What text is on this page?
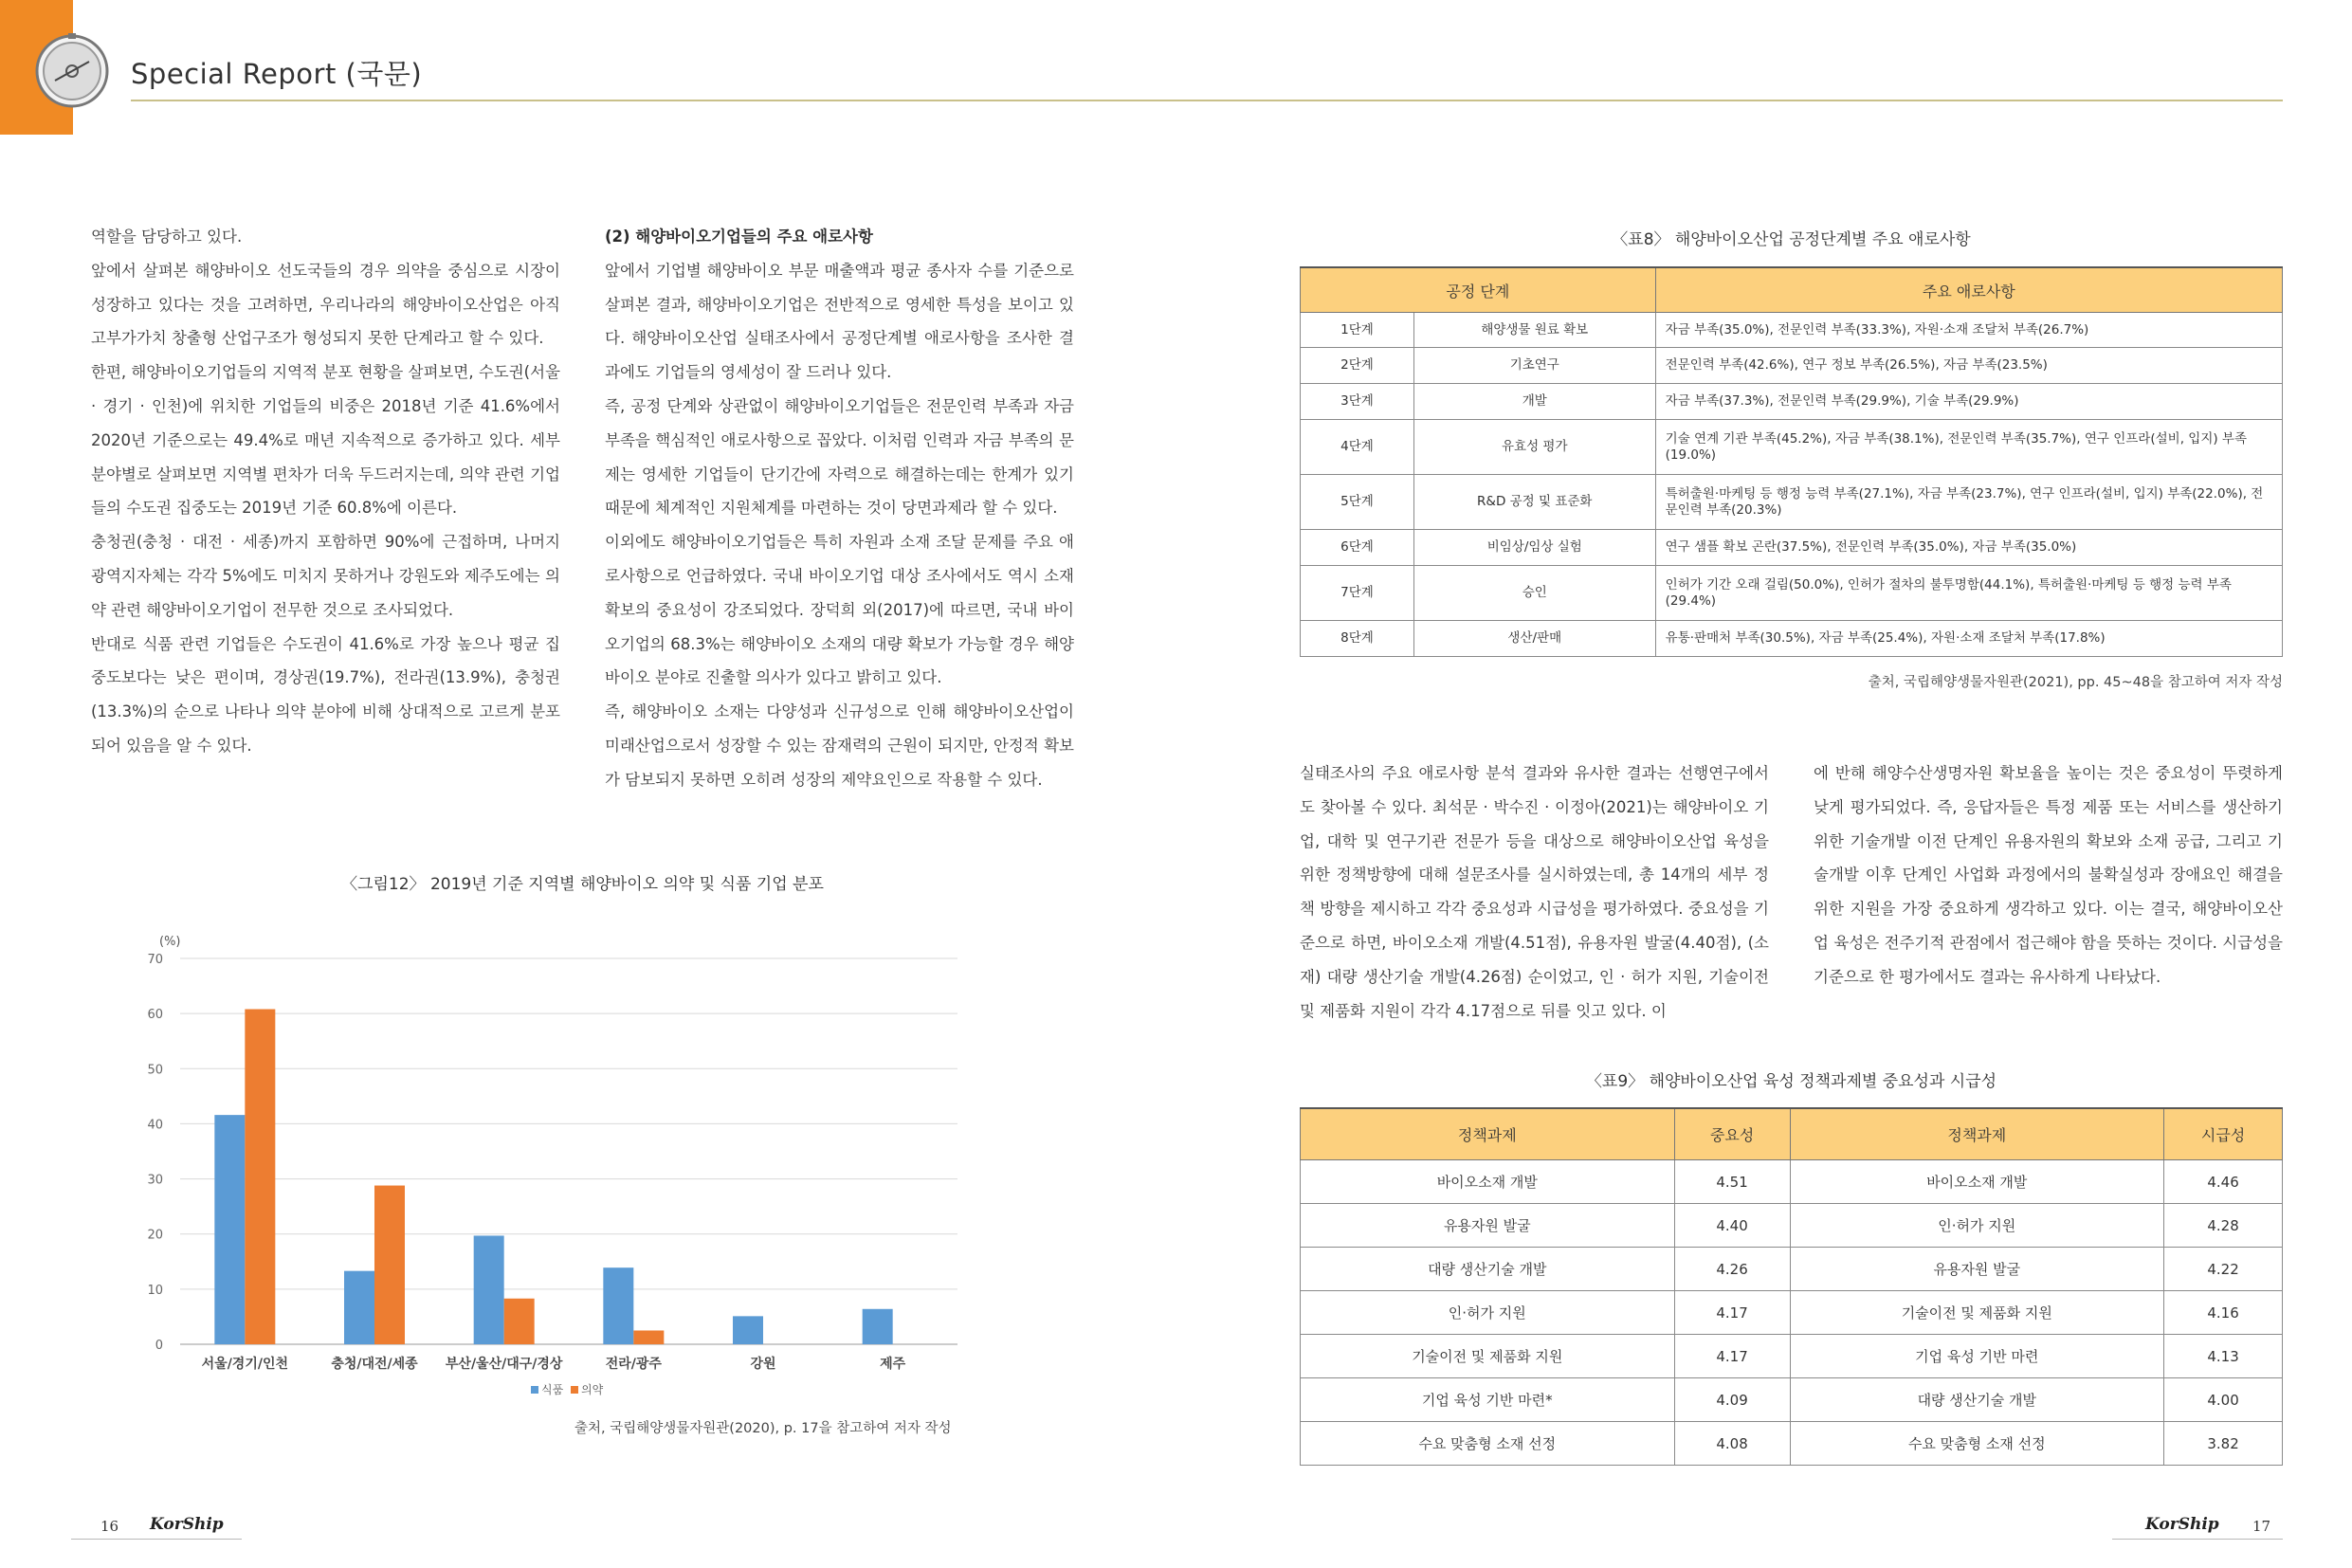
Special Report (국문)

역할을 담당하고 있다.

앞에서 살펴본 해양바이오 선도국들의 경우 의약을 중심으로 시장이 성장하고 있다는 것을 고려하면, 우리나라의 해양바이오산업은 아직 고부가가치 창출형 산업구조가 형성되지 못한 단계라고 할 수 있다.

한편, 해양바이오기업들의 지역적 분포 현황을 살펴보면, 수도권(서울 · 경기 · 인천)에 위치한 기업들의 비중은 2018년 기준 41.6%에서 2020년 기준으로는 49.4%로 매년 지속적으로 증가하고 있다. 세부 분야별로 살펴보면 지역별 편차가 더욱 두드러지는데, 의약 관련 기업들의 수도권 집중도는 2019년 기준 60.8%에 이른다.

충청권(충청 · 대전 · 세종)까지 포함하면 90%에 근접하며, 나머지 광역지자체는 각각 5%에도 미치지 못하거나 강원도와 제주도에는 의약 관련 해양바이오기업이 전무한 것으로 조사되었다.

반대로 식품 관련 기업들은 수도권이 41.6%로 가장 높으나 평균 집중도보다는 낮은 편이며, 경상권(19.7%), 전라권(13.9%), 충청권(13.3%)의 순으로 나타나 의약 분야에 비해 상대적으로 고르게 분포되어 있음을 알 수 있다.

(2) 해양바이오기업들의 주요 애로사항

앞에서 기업별 해양바이오 부문 매출액과 평균 종사자 수를 기준으로 살펴본 결과, 해양바이오기업은 전반적으로 영세한 특성을 보이고 있다. 해양바이오산업 실태조사에서 공정단계별 애로사항을 조사한 결과에도 기업들의 영세성이 잘 드러나 있다.

즉, 공정 단계와 상관없이 해양바이오기업들은 전문인력 부족과 자금 부족을 핵심적인 애로사항으로 꼽았다. 이처럼 인력과 자금 부족의 문제는 영세한 기업들이 단기간에 자력으로 해결하는데는 한계가 있기 때문에 체계적인 지원체계를 마련하는 것이 당면과제라 할 수 있다.

이외에도 해양바이오기업들은 특히 자원과 소재 조달 문제를 주요 애로사항으로 언급하였다. 국내 바이오기업 대상 조사에서도 역시 소재 확보의 중요성이 강조되었다. 장덕희 외(2017)에 따르면, 국내 바이오기업의 68.3%는 해양바이오 소재의 대량 확보가 가능할 경우 해양바이오 분야로 진출할 의사가 있다고 밝히고 있다.

즉, 해양바이오 소재는 다양성과 신규성으로 인해 해양바이오산업이 미래산업으로서 성장할 수 있는 잠재력의 근원이 되지만, 안정적 확보가 담보되지 못하면 오히려 성장의 제약요인으로 작용할 수 있다.

〈그림12〉 2019년 기준 지역별 해양바이오 의약 및 식품 기업 분포
(%)
0
10
20
30
40
50
60
70
서울/경기/인천	충청/대전/세종 부산/울산/대구/경상	전라/광주	강원	제주
식품 의약
출처, 국립해양생물자원관(2020), p. 17을 참고하여 저자 작성
〈표8〉 해양바이오산업 공정단계별 주요 애로사항
공정 단계		주요 애로사항
1단계	해양생물 원료 확보	자금 부족(35.0%), 전문인력 부족(33.3%), 자원·소재 조달처 부족(26.7%)
2단계	기초연구	전문인력 부족(42.6%), 연구 정보 부족(26.5%), 자금 부족(23.5%)
3단계	개발	자금 부족(37.3%), 전문인력 부족(29.9%), 기술 부족(29.9%)
4단계	유효성 평가	기술 연계 기관 부족(45.2%), 자금 부족(38.1%), 전문인력 부족(35.7%), 연구 인프라(설비, 입지) 부족(19.0%)
5단계	R&D 공정 및 표준화	특허출원·마케팅 등 행정 능력 부족(27.1%), 자금 부족(23.7%), 연구 인프라(설비, 입지) 부족(22.0%), 전문인력 부족(20.3%)
6단계	비임상/임상 실험	연구 샘플 확보 곤란(37.5%), 전문인력 부족(35.0%), 자금 부족(35.0%)
7단계	승인	인허가 기간 오래 걸림(50.0%), 인허가 절차의 불투명함(44.1%), 특허출원·마케팅 등 행정 능력 부족(29.4%)
8단계	생산/판매	유통·판매처 부족(30.5%), 자금 부족(25.4%), 자원·소재 조달처 부족(17.8%)
출처, 국립해양생물자원관(2021), pp. 45~48을 참고하여 저자 작성

실태조사의 주요 애로사항 분석 결과와 유사한 결과는 선행연구에서도 찾아볼 수 있다. 최석문 · 박수진 · 이정아(2021)는 해양바이오 기업, 대학 및 연구기관 전문가 등을 대상으로 해양바이오산업 육성을 위한 정책방향에 대해 설문조사를 실시하였는데, 총 14개의 세부 정책 방향을 제시하고 각각 중요성과 시급성을 평가하였다. 중요성을 기준으로 하면, 바이오소재 개발(4.51점), 유용자원 발굴(4.40점), (소재) 대량 생산기술 개발(4.26점) 순이었고, 인 · 허가 지원, 기술이전 및 제품화 지원이 각각 4.17점으로 뒤를 잇고 있다. 이

에 반해 해양수산생명자원 확보율을 높이는 것은 중요성이 뚜렷하게 낮게 평가되었다. 즉, 응답자들은 특정 제품 또는 서비스를 생산하기 위한 기술개발 이전 단계인 유용자원의 확보와 소재 공급, 그리고 기술개발 이후 단계인 사업화 과정에서의 불확실성과 장애요인 해결을 위한 지원을 가장 중요하게 생각하고 있다. 이는 결국, 해양바이오산업 육성은 전주기적 관점에서 접근해야 함을 뜻하는 것이다. 시급성을 기준으로 한 평가에서도 결과는 유사하게 나타났다.

〈표9〉 해양바이오산업 육성 정책과제별 중요성과 시급성
정책과제	중요성	정책과제	시급성
바이오소재 개발	4.51	바이오소재 개발	4.46
유용자원 발굴	4.40	인·허가 지원	4.28
대량 생산기술 개발	4.26	유용자원 발굴	4.22
인·허가 지원	4.17	기술이전 및 제품화 지원	4.16
기술이전 및 제품화 지원	4.17	기업 육성 기반 마련	4.13
기업 육성 기반 마련*	4.09	대량 생산기술 개발	4.00
수요 맞춤형 소재 선정	4.08	수요 맞춤형 소재 선정	3.82
16 KorShip	KorShip 17
